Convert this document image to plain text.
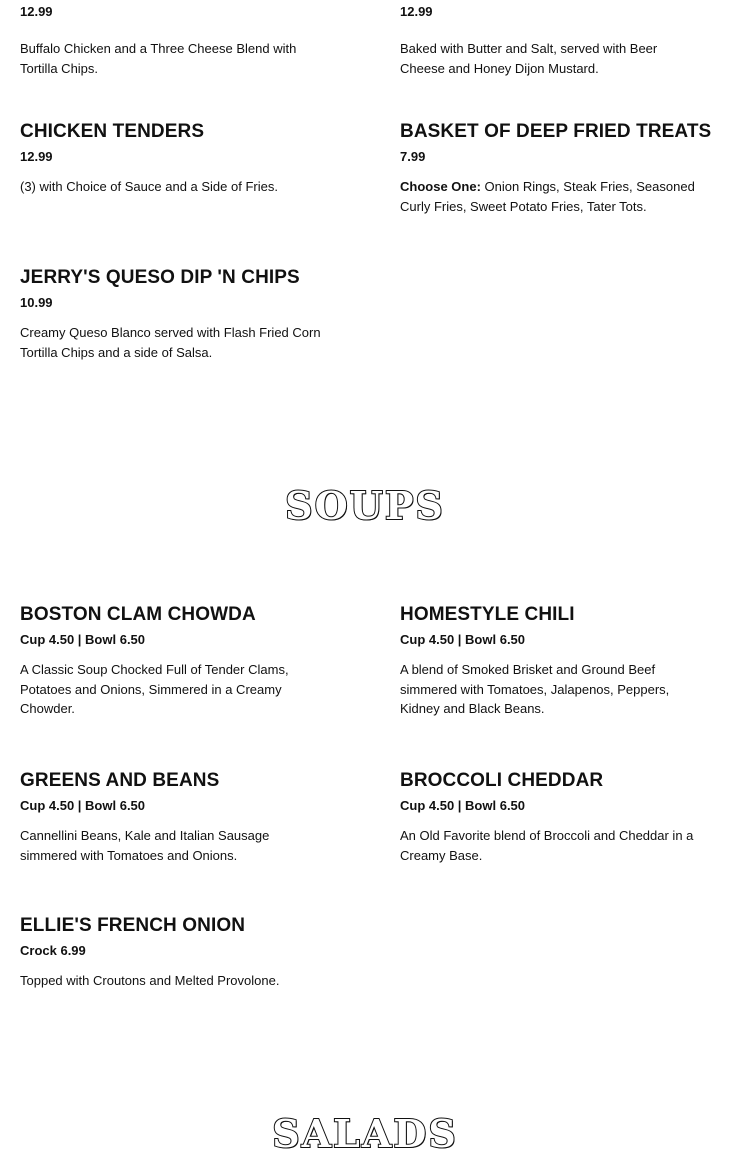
12.99
Buffalo Chicken and a Three Cheese Blend with Tortilla Chips.
12.99
Baked with Butter and Salt, served with Beer Cheese and Honey Dijon Mustard.
CHICKEN TENDERS
12.99
(3) with Choice of Sauce and a Side of Fries.
BASKET OF DEEP FRIED TREATS
7.99
Choose One: Onion Rings, Steak Fries, Seasoned Curly Fries, Sweet Potato Fries, Tater Tots.
JERRY'S QUESO DIP 'N CHIPS
10.99
Creamy Queso Blanco served with Flash Fried Corn Tortilla Chips and a side of Salsa.
SOUPS
BOSTON CLAM CHOWDA
Cup 4.50 | Bowl 6.50
A Classic Soup Chocked Full of Tender Clams, Potatoes and Onions, Simmered in a Creamy Chowder.
HOMESTYLE CHILI
Cup 4.50 | Bowl 6.50
A blend of Smoked Brisket and Ground Beef simmered with Tomatoes, Jalapenos, Peppers, Kidney and Black Beans.
GREENS AND BEANS
Cup 4.50 | Bowl 6.50
Cannellini Beans, Kale and Italian Sausage simmered with Tomatoes and Onions.
BROCCOLI CHEDDAR
Cup 4.50 | Bowl 6.50
An Old Favorite blend of Broccoli and Cheddar in a Creamy Base.
ELLIE'S FRENCH ONION
Crock 6.99
Topped with Croutons and Melted Provolone.
SALADS
